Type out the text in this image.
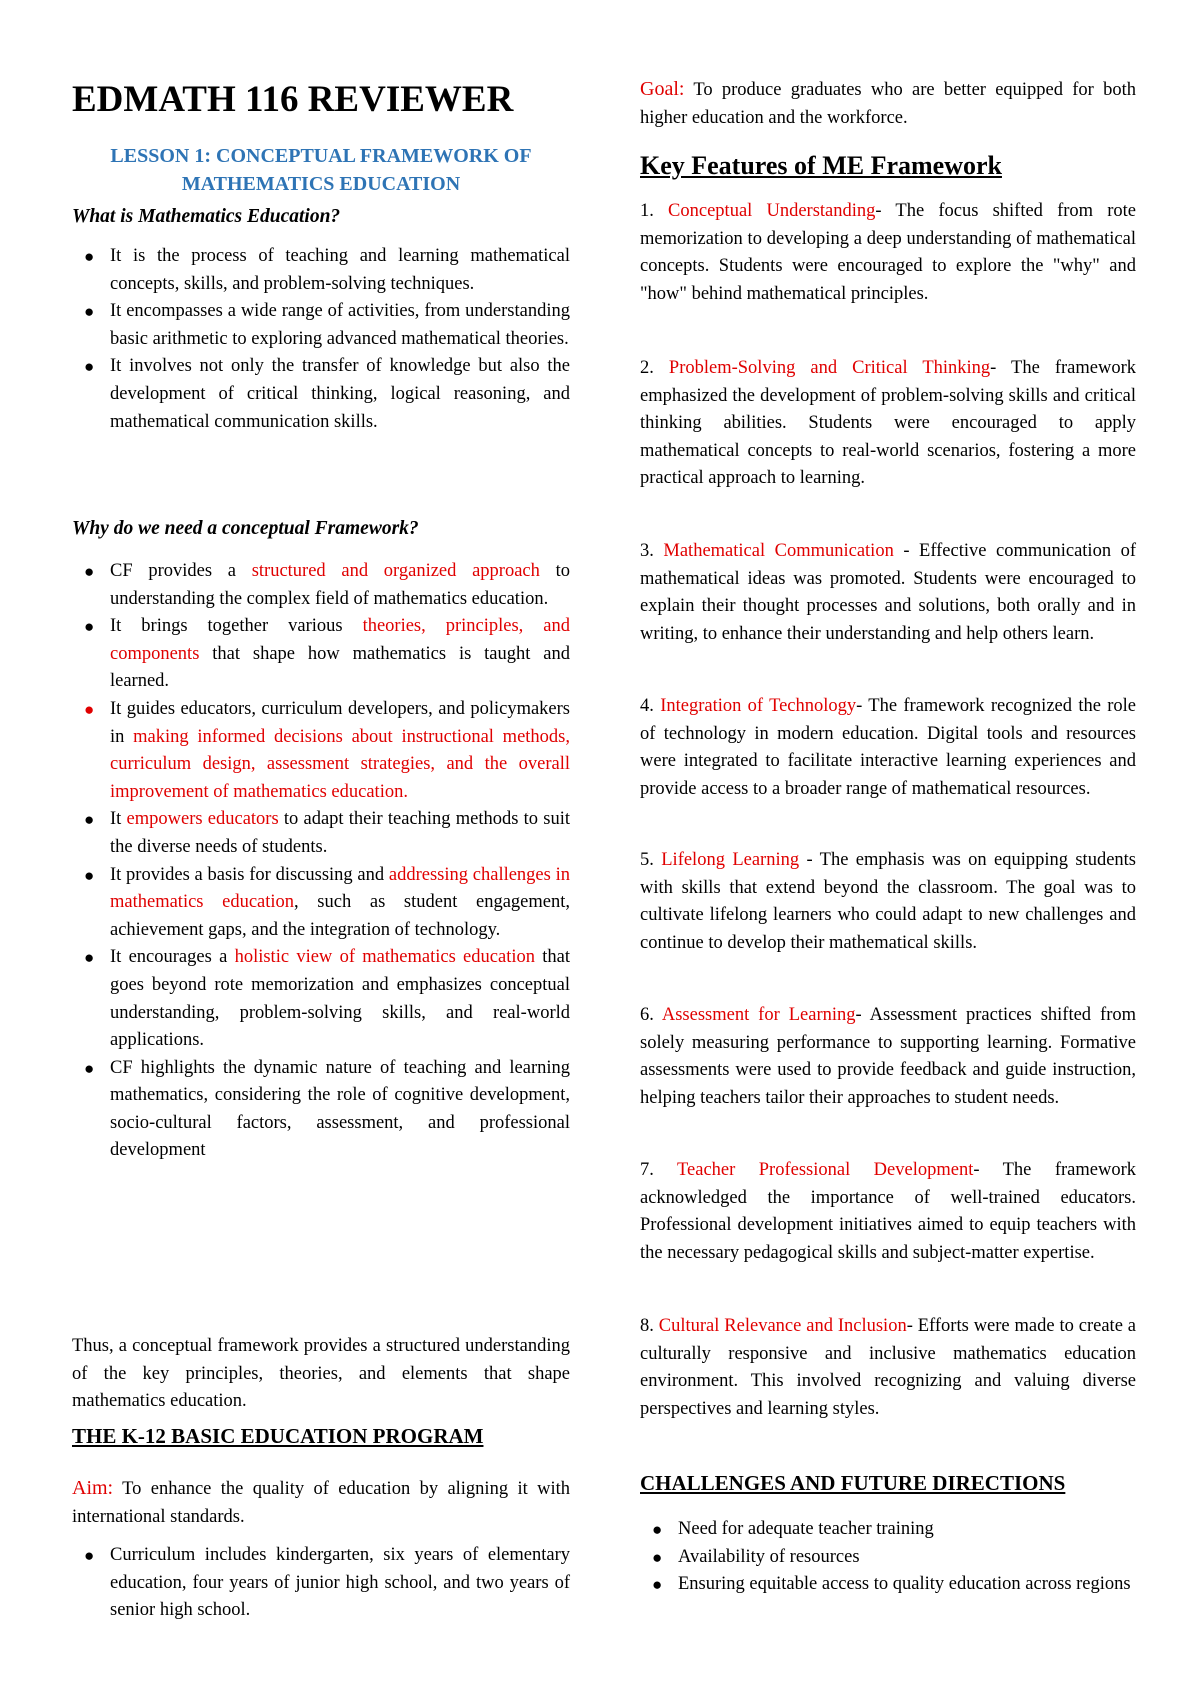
EDMATH 116 REVIEWER
LESSON 1: CONCEPTUAL FRAMEWORK OF MATHEMATICS EDUCATION
What is Mathematics Education?
● It is the process of teaching and learning mathematical concepts, skills, and problem-solving techniques.
● It encompasses a wide range of activities, from understanding basic arithmetic to exploring advanced mathematical theories.
● It involves not only the transfer of knowledge but also the development of critical thinking, logical reasoning, and mathematical communication skills.
Why do we need a conceptual Framework?
● CF provides a structured and organized approach to understanding the complex field of mathematics education.
● It brings together various theories, principles, and components that shape how mathematics is taught and learned.
● It guides educators, curriculum developers, and policymakers in making informed decisions about instructional methods, curriculum design, assessment strategies, and the overall improvement of mathematics education.
● It empowers educators to adapt their teaching methods to suit the diverse needs of students.
● It provides a basis for discussing and addressing challenges in mathematics education, such as student engagement, achievement gaps, and the integration of technology.
● It encourages a holistic view of mathematics education that goes beyond rote memorization and emphasizes conceptual understanding, problem-solving skills, and real-world applications.
● CF highlights the dynamic nature of teaching and learning mathematics, considering the role of cognitive development, socio-cultural factors, assessment, and professional development
Thus, a conceptual framework provides a structured understanding of the key principles, theories, and elements that shape mathematics education.
THE K-12 BASIC EDUCATION PROGRAM
Aim: To enhance the quality of education by aligning it with international standards.
● Curriculum includes kindergarten, six years of elementary education, four years of junior high school, and two years of senior high school.
Goal: To produce graduates who are better equipped for both higher education and the workforce.
Key Features of ME Framework
1. Conceptual Understanding- The focus shifted from rote memorization to developing a deep understanding of mathematical concepts. Students were encouraged to explore the "why" and "how" behind mathematical principles.
2. Problem-Solving and Critical Thinking- The framework emphasized the development of problem-solving skills and critical thinking abilities. Students were encouraged to apply mathematical concepts to real-world scenarios, fostering a more practical approach to learning.
3. Mathematical Communication - Effective communication of mathematical ideas was promoted. Students were encouraged to explain their thought processes and solutions, both orally and in writing, to enhance their understanding and help others learn.
4. Integration of Technology- The framework recognized the role of technology in modern education. Digital tools and resources were integrated to facilitate interactive learning experiences and provide access to a broader range of mathematical resources.
5. Lifelong Learning - The emphasis was on equipping students with skills that extend beyond the classroom. The goal was to cultivate lifelong learners who could adapt to new challenges and continue to develop their mathematical skills.
6. Assessment for Learning- Assessment practices shifted from solely measuring performance to supporting learning. Formative assessments were used to provide feedback and guide instruction, helping teachers tailor their approaches to student needs.
7. Teacher Professional Development- The framework acknowledged the importance of well-trained educators. Professional development initiatives aimed to equip teachers with the necessary pedagogical skills and subject-matter expertise.
8. Cultural Relevance and Inclusion- Efforts were made to create a culturally responsive and inclusive mathematics education environment. This involved recognizing and valuing diverse perspectives and learning styles.
CHALLENGES AND FUTURE DIRECTIONS
● Need for adequate teacher training
● Availability of resources
● Ensuring equitable access to quality education across regions
